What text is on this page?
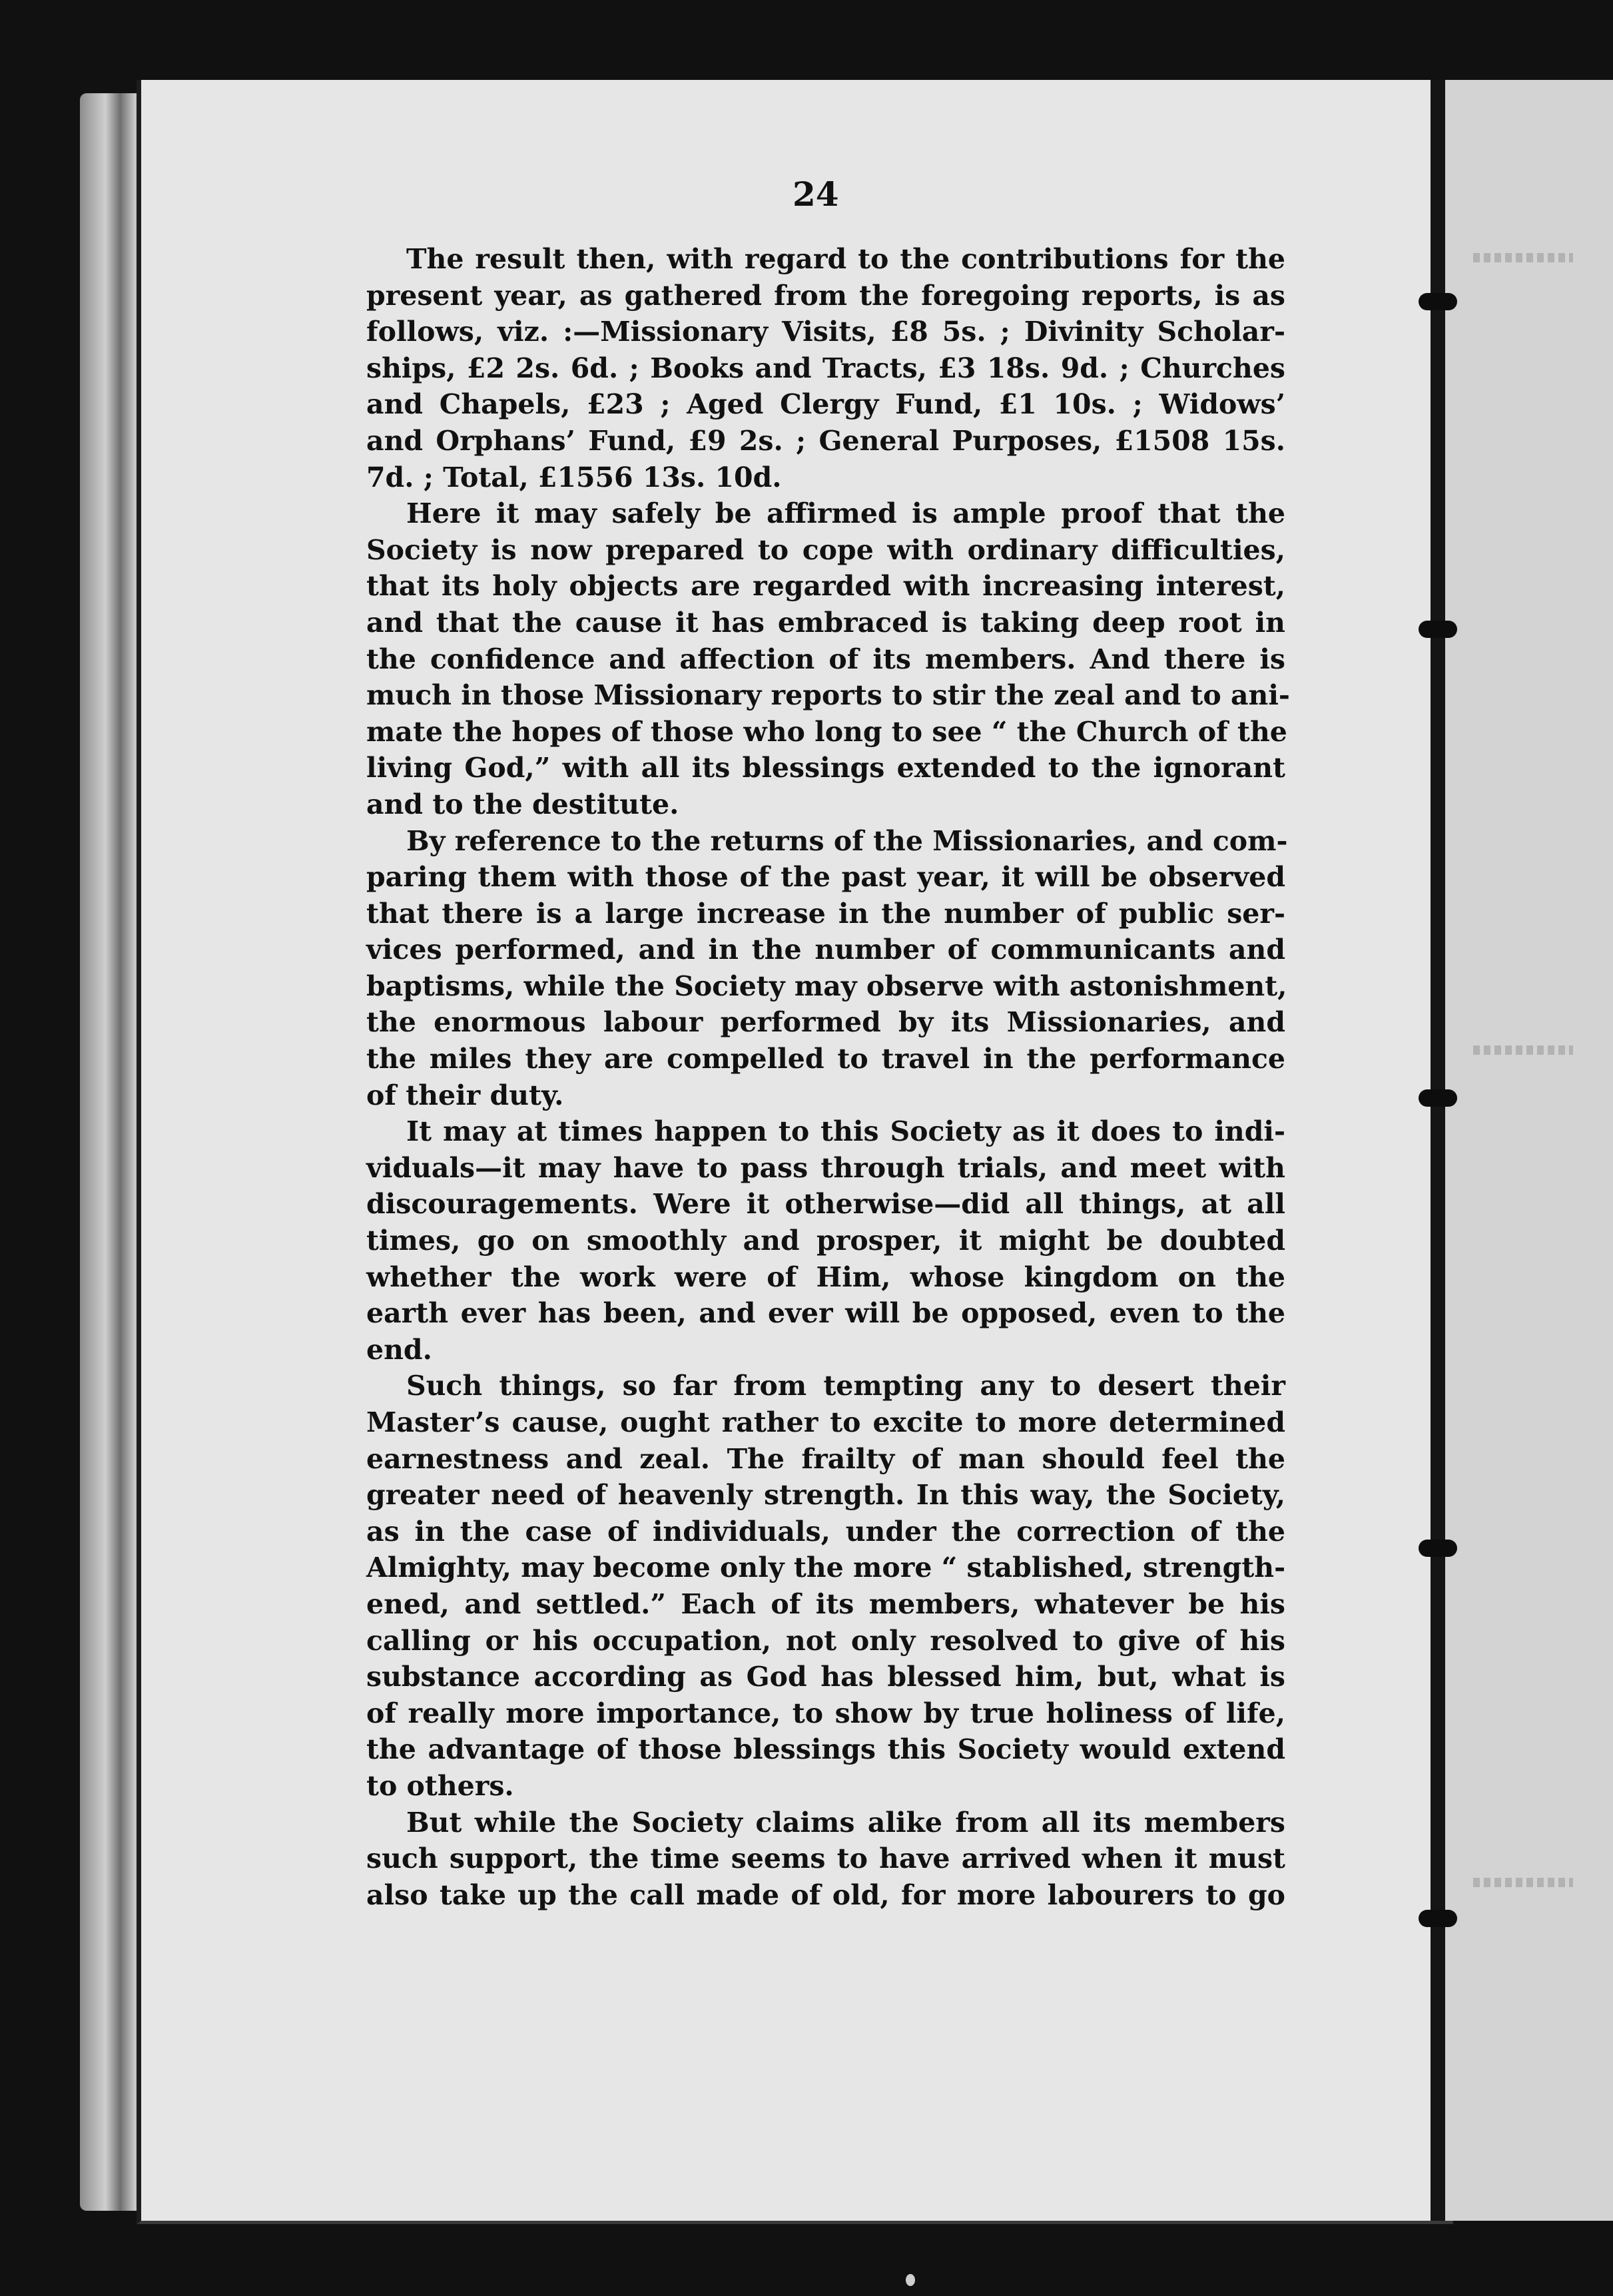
24
The result then, with regard to the contributions for the
present year, as gathered from the foregoing reports, is as
follows, viz. :—Missionary Visits, £8 5s. ; Divinity Scholar-
ships, £2 2s. 6d. ; Books and Tracts, £3 18s. 9d. ; Churches
and Chapels, £23 ; Aged Clergy Fund, £1 10s. ; Widows’
and Orphans’ Fund, £9 2s. ; General Purposes, £1508 15s.
7d. ; Total, £1556 13s. 10d.
Here it may safely be affirmed is ample proof that the
Society is now prepared to cope with ordinary difficulties,
that its holy objects are regarded with increasing interest,
and that the cause it has embraced is taking deep root in
the confidence and affection of its members. And there is
much in those Missionary reports to stir the zeal and to ani-
mate the hopes of those who long to see “ the Church of the
living God,” with all its blessings extended to the ignorant
and to the destitute.
By reference to the returns of the Missionaries, and com-
paring them with those of the past year, it will be observed
that there is a large increase in the number of public ser-
vices performed, and in the number of communicants and
baptisms, while the Society may observe with astonishment,
the enormous labour performed by its Missionaries, and
the miles they are compelled to travel in the performance
of their duty.
It may at times happen to this Society as it does to indi-
viduals—it may have to pass through trials, and meet with
discouragements. Were it otherwise—did all things, at all
times, go on smoothly and prosper, it might be doubted
whether the work were of Him, whose kingdom on the
earth ever has been, and ever will be opposed, even to the
end.
Such things, so far from tempting any to desert their
Master’s cause, ought rather to excite to more determined
earnestness and zeal. The frailty of man should feel the
greater need of heavenly strength. In this way, the Society,
as in the case of individuals, under the correction of the
Almighty, may become only the more “ stablished, strength-
ened, and settled.” Each of its members, whatever be his
calling or his occupation, not only resolved to give of his
substance according as God has blessed him, but, what is
of really more importance, to show by true holiness of life,
the advantage of those blessings this Society would extend
to others.
But while the Society claims alike from all its members
such support, the time seems to have arrived when it must
also take up the call made of old, for more labourers to go
